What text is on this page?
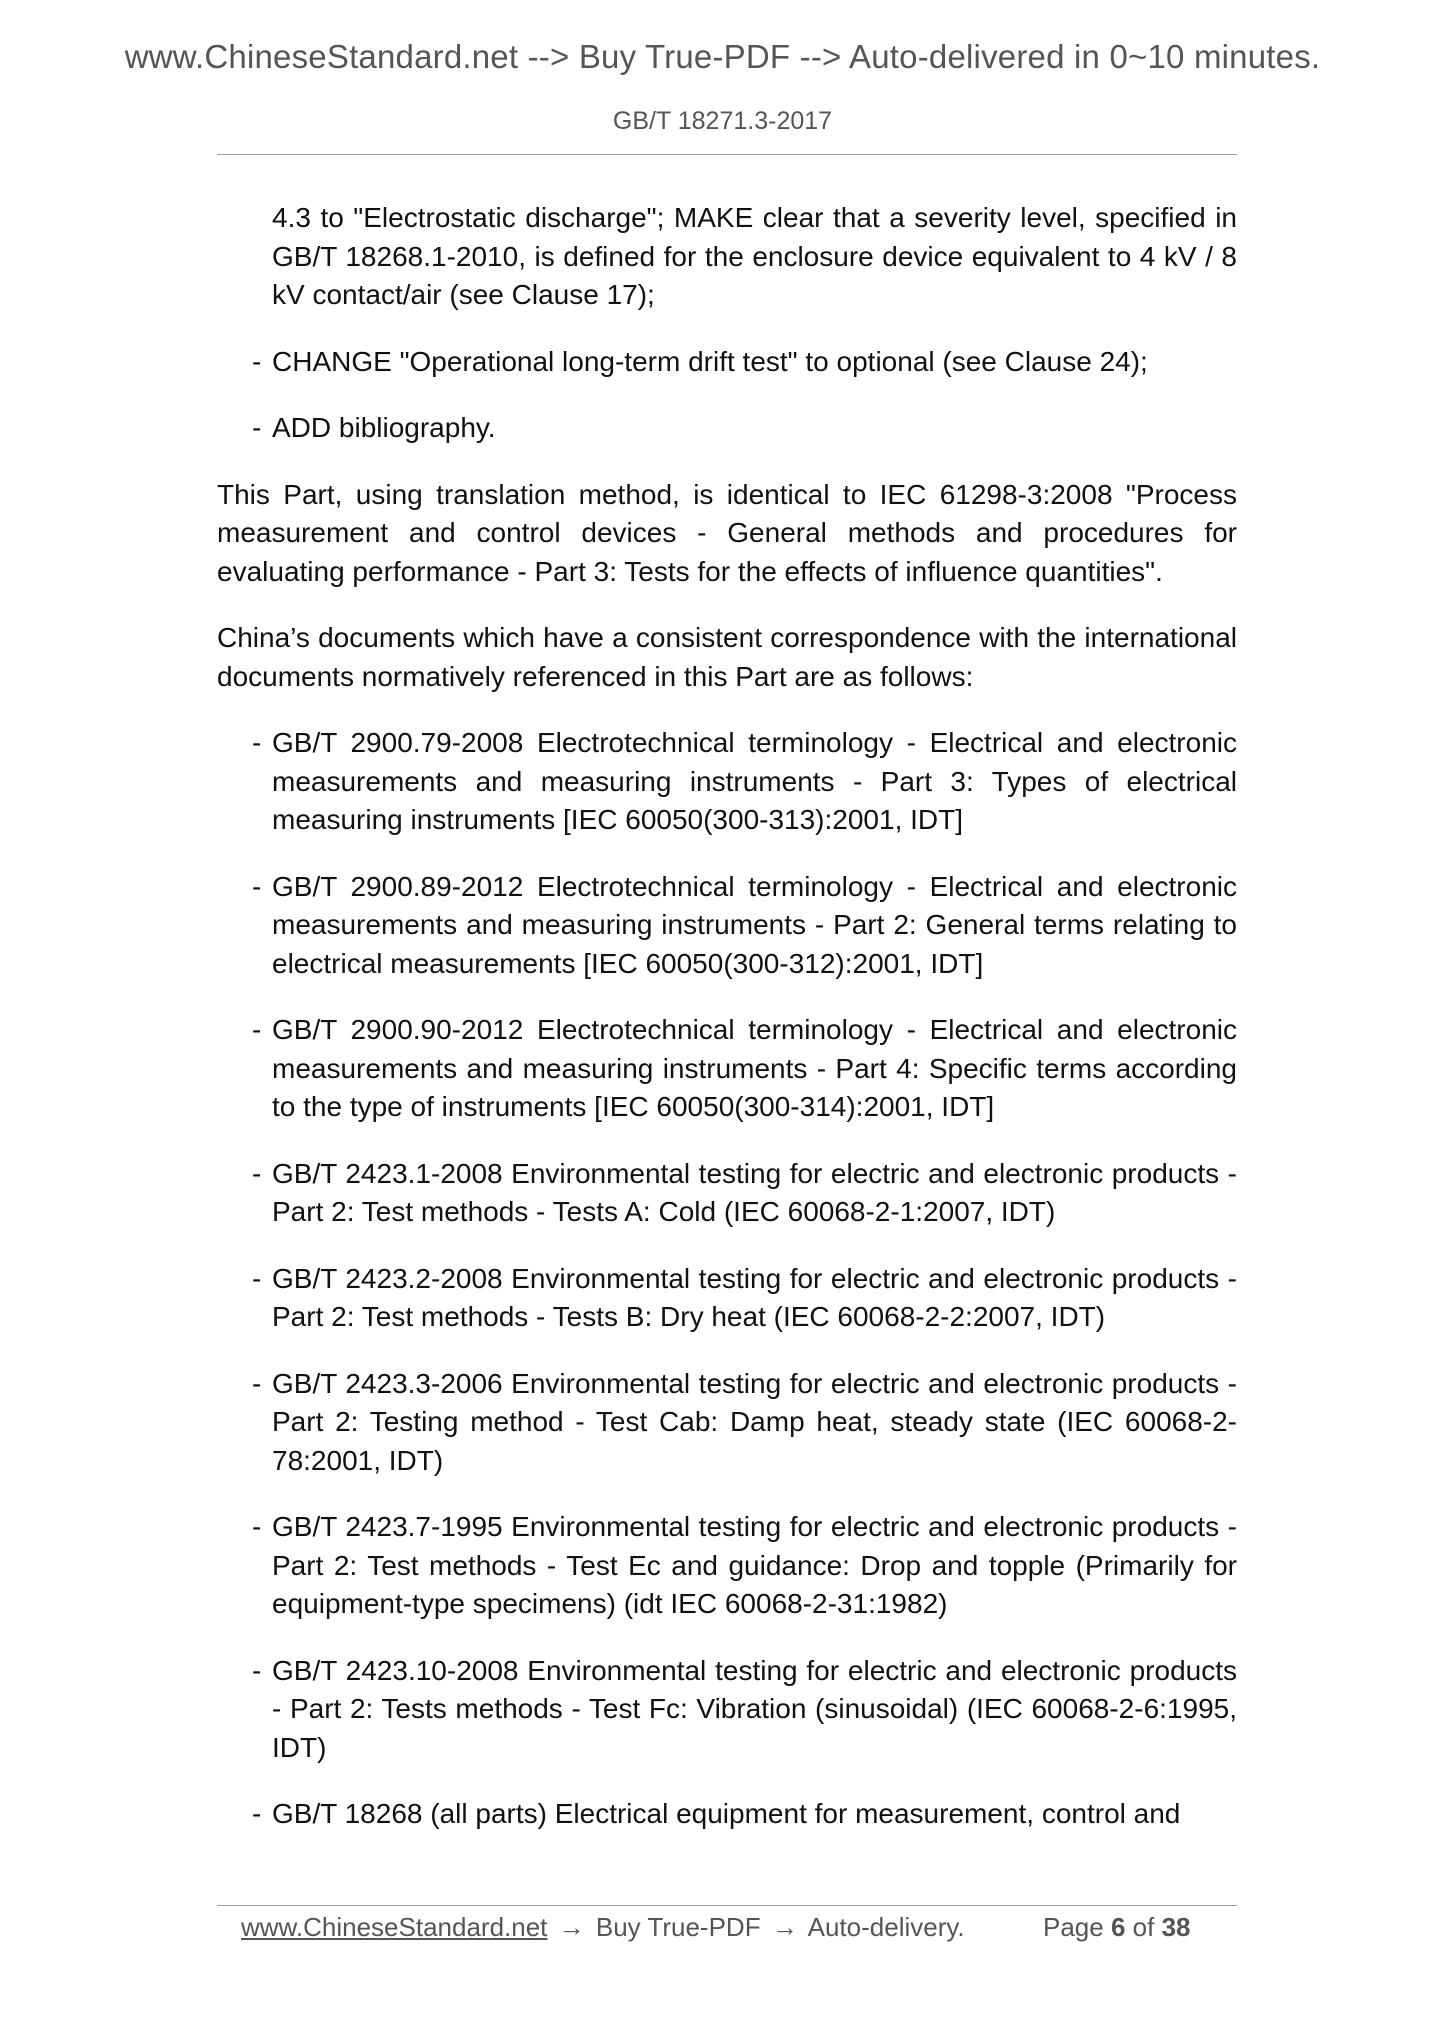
www.ChineseStandard.net --> Buy True-PDF --> Auto-delivered in 0~10 minutes.
GB/T 18271.3-2017

4.3 to "Electrostatic discharge"; MAKE clear that a severity level, specified in GB/T 18268.1-2010, is defined for the enclosure device equivalent to 4 kV / 8 kV contact/air (see Clause 17);

- CHANGE "Operational long-term drift test" to optional (see Clause 24);
- ADD bibliography.

This Part, using translation method, is identical to IEC 61298-3:2008 "Process measurement and control devices - General methods and procedures for evaluating performance - Part 3: Tests for the effects of influence quantities".

China’s documents which have a consistent correspondence with the international documents normatively referenced in this Part are as follows:

- GB/T 2900.79-2008 Electrotechnical terminology - Electrical and electronic measurements and measuring instruments - Part 3: Types of electrical measuring instruments [IEC 60050(300-313):2001, IDT]
- GB/T 2900.89-2012 Electrotechnical terminology - Electrical and electronic measurements and measuring instruments - Part 2: General terms relating to electrical measurements [IEC 60050(300-312):2001, IDT]
- GB/T 2900.90-2012 Electrotechnical terminology - Electrical and electronic measurements and measuring instruments - Part 4: Specific terms according to the type of instruments [IEC 60050(300-314):2001, IDT]
- GB/T 2423.1-2008 Environmental testing for electric and electronic products - Part 2: Test methods - Tests A: Cold (IEC 60068-2-1:2007, IDT)
- GB/T 2423.2-2008 Environmental testing for electric and electronic products - Part 2: Test methods - Tests B: Dry heat (IEC 60068-2-2:2007, IDT)
- GB/T 2423.3-2006 Environmental testing for electric and electronic products - Part 2: Testing method - Test Cab: Damp heat, steady state (IEC 60068-2-78:2001, IDT)
- GB/T 2423.7-1995 Environmental testing for electric and electronic products - Part 2: Test methods - Test Ec and guidance: Drop and topple (Primarily for equipment-type specimens) (idt IEC 60068-2-31:1982)
- GB/T 2423.10-2008 Environmental testing for electric and electronic products - Part 2: Tests methods - Test Fc: Vibration (sinusoidal) (IEC 60068-2-6:1995, IDT)
- GB/T 18268 (all parts) Electrical equipment for measurement, control and
www.ChineseStandard.net → Buy True-PDF → Auto-delivery.	Page 6 of 38
